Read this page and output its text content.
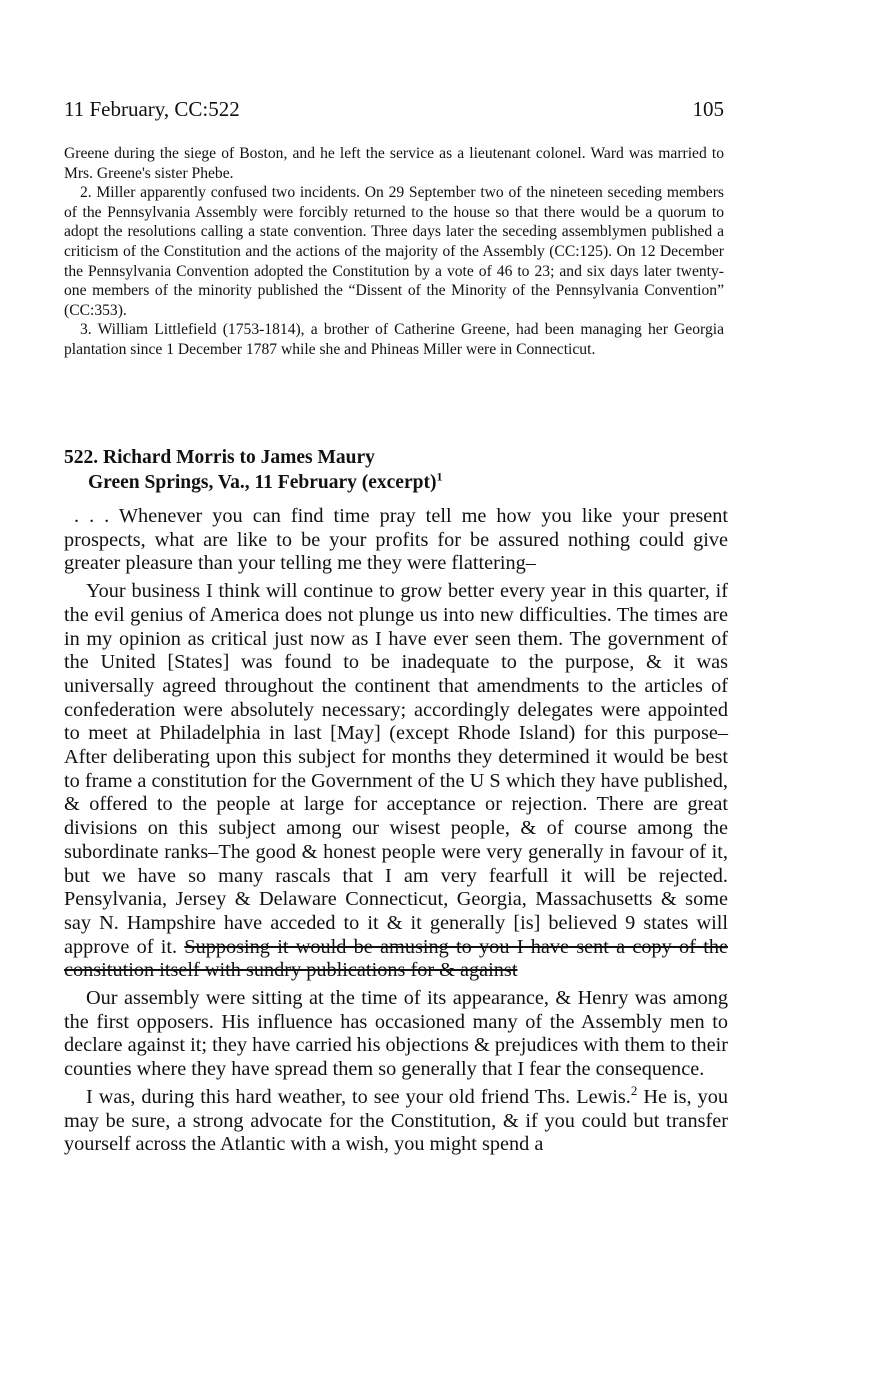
11 February, CC:522	105

Greene during the siege of Boston, and he left the service as a lieutenant colonel. Ward was married to Mrs. Greene's sister Phebe.

2. Miller apparently confused two incidents. On 29 September two of the nineteen seceding members of the Pennsylvania Assembly were forcibly returned to the house so that there would be a quorum to adopt the resolutions calling a state convention. Three days later the seceding assemblymen published a criticism of the Constitution and the actions of the majority of the Assembly (CC:125). On 12 December the Pennsylvania Convention adopted the Constitution by a vote of 46 to 23; and six days later twenty-one members of the minority published the “Dissent of the Minority of the Pennsylvania Convention” (CC:353).

3. William Littlefield (1753-1814), a brother of Catherine Greene, had been managing her Georgia plantation since 1 December 1787 while she and Phineas Miller were in Connecticut.

522. Richard Morris to James Maury
Green Springs, Va., 11 February (excerpt)$^1$

. . . Whenever you can find time pray tell me how you like your present prospects, what are like to be your profits for be assured nothing could give greater pleasure than your telling me they were flattering–

Your business I think will continue to grow better every year in this quarter, if the evil genius of America does not plunge us into new difficulties. The times are in my opinion as critical just now as I have ever seen them. The government of the United [States] was found to be inadequate to the purpose, & it was universally agreed throughout the continent that amendments to the articles of confederation were absolutely necessary; accordingly delegates were appointed to meet at Philadelphia in last [May] (except Rhode Island) for this purpose–After deliberating upon this subject for months they determined it would be best to frame a constitution for the Government of the U S which they have published, & offered to the people at large for acceptance or rejection. There are great divisions on this subject among our wisest people, & of course among the subordinate ranks–The good & honest people were very generally in favour of it, but we have so many rascals that I am very fearfull it will be rejected. Pensylvania, Jersey & Delaware Connecticut, Georgia, Massachusetts & some say N. Hampshire have acceded to it & it generally [is] believed 9 states will approve of it. Supposing it would be amusing to you I have sent a copy of the consitution itself with sundry publications for & against

Our assembly were sitting at the time of its appearance, & Henry was among the first opposers. His influence has occasioned many of the Assembly men to declare against it; they have carried his objections & prejudices with them to their counties where they have spread them so generally that I fear the consequence.

I was, during this hard weather, to see your old friend Ths. Lewis.$^2$ He is, you may be sure, a strong advocate for the Constitution, & if you could but transfer yourself across the Atlantic with a wish, you might spend a
